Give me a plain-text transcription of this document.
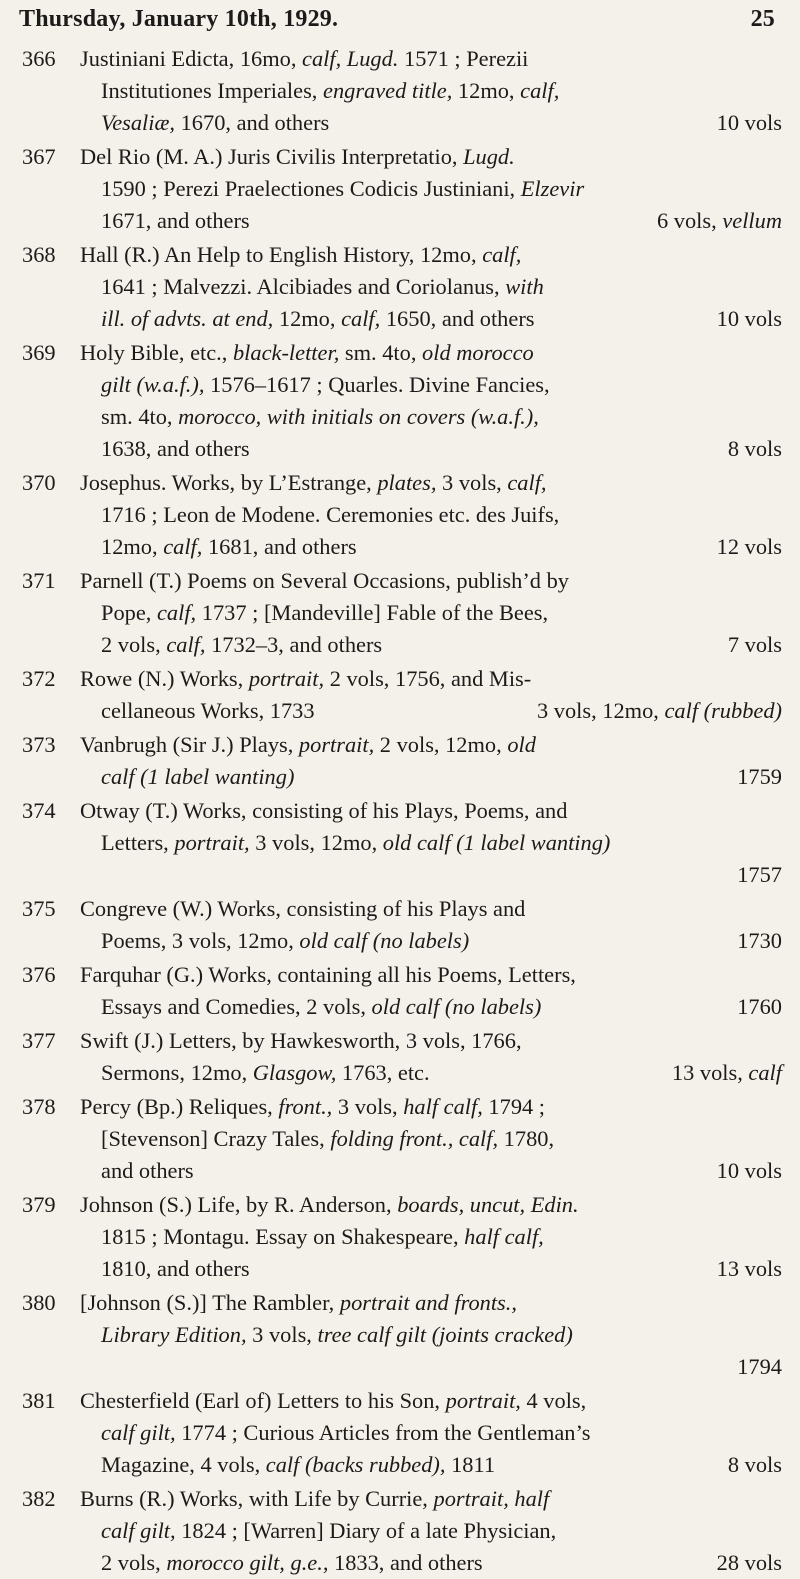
Thursday, January 10th, 1929.	25
366	Justiniani Edicta, 16mo, calf, Lugd. 1571 ; Perezii
Institutiones Imperiales, engraved title, 12mo, calf,
Vesaliæ, 1670, and others	10 vols
367	Del Rio (M. A.) Juris Civilis Interpretatio, Lugd.
1590 ; Perezi Praelectiones Codicis Justiniani, Elzevir
1671, and others	6 vols, vellum
368	Hall (R.) An Help to English History, 12mo, calf,
1641 ; Malvezzi. Alcibiades and Coriolanus, with
ill. of advts. at end, 12mo, calf, 1650, and others	10 vols
369	Holy Bible, etc., black-letter, sm. 4to, old morocco
gilt (w.a.f.), 1576–1617 ; Quarles. Divine Fancies,
sm. 4to, morocco, with initials on covers (w.a.f.),
1638, and others	8 vols
370	Josephus. Works, by L’Estrange, plates, 3 vols, calf,
1716 ; Leon de Modene. Ceremonies etc. des Juifs,
12mo, calf, 1681, and others	12 vols
371	Parnell (T.) Poems on Several Occasions, publish’d by
Pope, calf, 1737 ; [Mandeville] Fable of the Bees,
2 vols, calf, 1732–3, and others	7 vols
372	Rowe (N.) Works, portrait, 2 vols, 1756, and Mis-
cellaneous Works, 1733	3 vols, 12mo, calf (rubbed)
373	Vanbrugh (Sir J.) Plays, portrait, 2 vols, 12mo, old
calf (1 label wanting)	1759
374	Otway (T.) Works, consisting of his Plays, Poems, and
Letters, portrait, 3 vols, 12mo, old calf (1 label wanting)
1757
375	Congreve (W.) Works, consisting of his Plays and
Poems, 3 vols, 12mo, old calf (no labels)	1730
376	Farquhar (G.) Works, containing all his Poems, Letters,
Essays and Comedies, 2 vols, old calf (no labels)	1760
377	Swift (J.) Letters, by Hawkesworth, 3 vols, 1766,
Sermons, 12mo, Glasgow, 1763, etc.	13 vols, calf
378	Percy (Bp.) Reliques, front., 3 vols, half calf, 1794 ;
[Stevenson] Crazy Tales, folding front., calf, 1780,
and others	10 vols
379	Johnson (S.) Life, by R. Anderson, boards, uncut, Edin.
1815 ; Montagu. Essay on Shakespeare, half calf,
1810, and others	13 vols
380	[Johnson (S.)] The Rambler, portrait and fronts.,
Library Edition, 3 vols, tree calf gilt (joints cracked)
1794
381	Chesterfield (Earl of) Letters to his Son, portrait, 4 vols,
calf gilt, 1774 ; Curious Articles from the Gentleman’s
Magazine, 4 vols, calf (backs rubbed), 1811	8 vols
382	Burns (R.) Works, with Life by Currie, portrait, half
calf gilt, 1824 ; [Warren] Diary of a late Physician,
2 vols, morocco gilt, g.e., 1833, and others	28 vols
